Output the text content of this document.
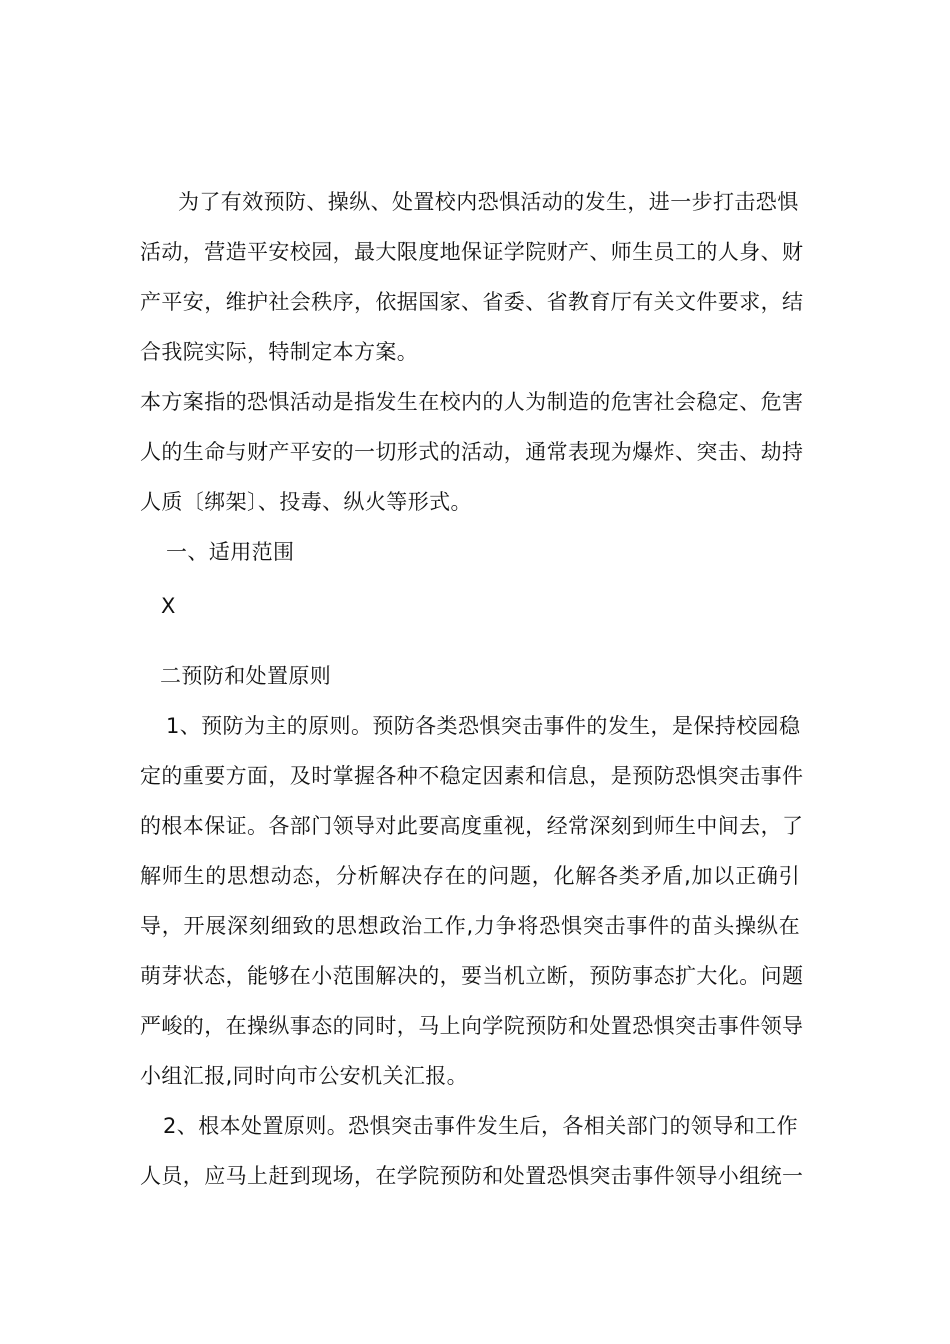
为了有效预防、操纵、处置校内恐惧活动的发生，进一步打击恐惧
活动，营造平安校园，最大限度地保证学院财产、师生员工的人身、财
产平安，维护社会秩序，依据国家、省委、省教育厅有关文件要求，结
合我院实际，特制定本方案。
本方案指的恐惧活动是指发生在校内的人为制造的危害社会稳定、危害
人的生命与财产平安的一切形式的活动，通常表现为爆炸、突击、劫持
人质〔绑架〕、投毒、纵火等形式。
一、适用范围
X
二预防和处置原则
1、预防为主的原则。预防各类恐惧突击事件的发生，是保持校园稳
定的重要方面，及时掌握各种不稳定因素和信息，是预防恐惧突击事件
的根本保证。各部门领导对此要高度重视，经常深刻到师生中间去，了
解师生的思想动态，分析解决存在的问题，化解各类矛盾,加以正确引
导，开展深刻细致的思想政治工作,力争将恐惧突击事件的苗头操纵在
萌芽状态，能够在小范围解决的，要当机立断，预防事态扩大化。问题
严峻的，在操纵事态的同时，马上向学院预防和处置恐惧突击事件领导
小组汇报,同时向市公安机关汇报。
2、根本处置原则。恐惧突击事件发生后，各相关部门的领导和工作
人员，应马上赶到现场，在学院预防和处置恐惧突击事件领导小组统一
